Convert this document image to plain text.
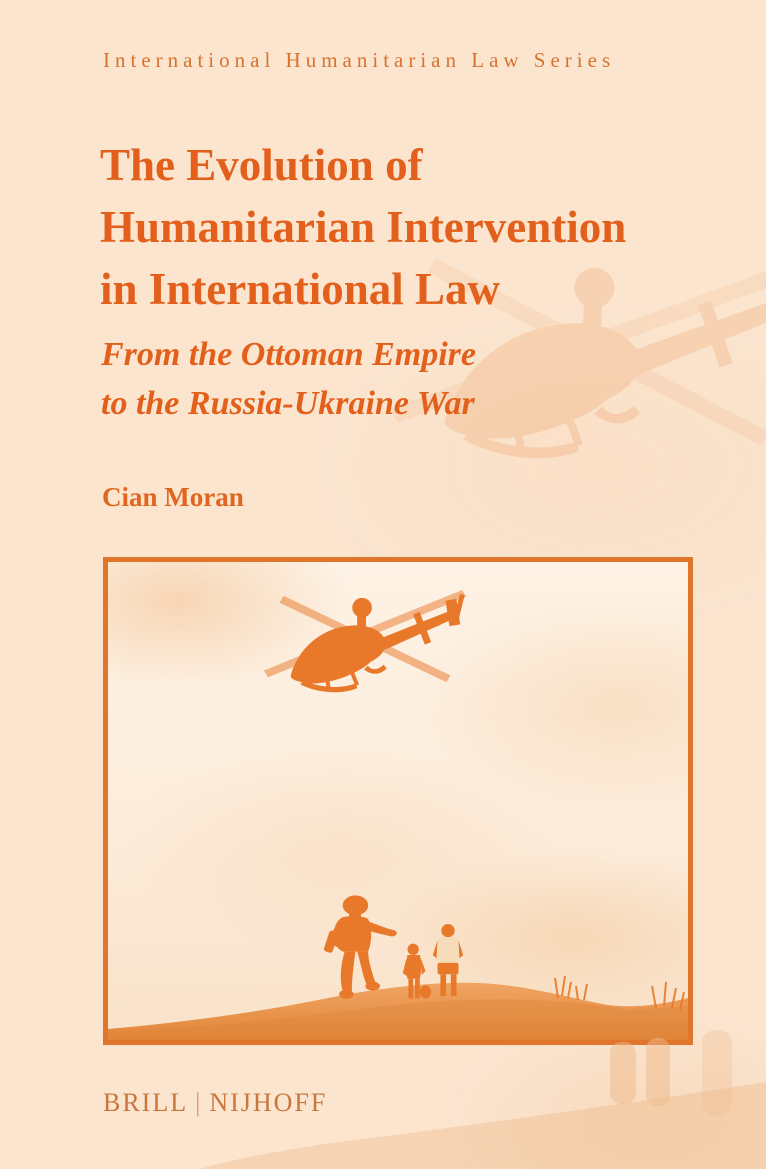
International Humanitarian Law Series
The Evolution of
Humanitarian Intervention
in International Law
From the Ottoman Empire
to the Russia-Ukraine War
Cian Moran
BRILL | NIJHOFF
